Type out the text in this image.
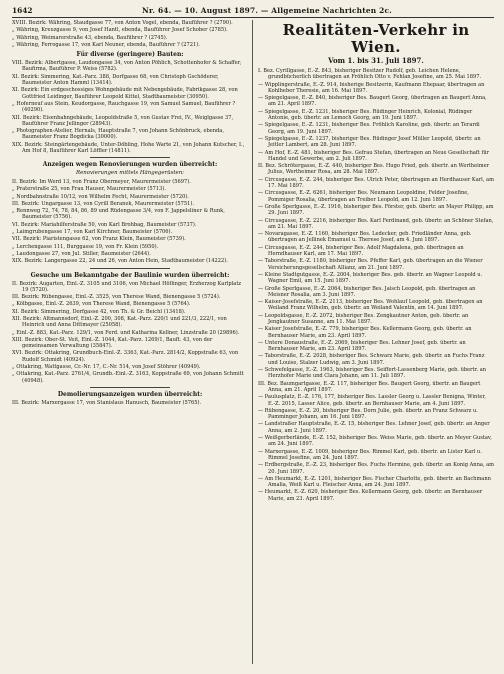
1642	Nr. 64. — 10. August 1897. — Allgemeine Nachrichten 2c.
XVIII. Bezirk: Währing, Staudgasse 77, von Anton Vogel, ebenda, Bauführer ? (2790).
„ Währing, Kreuzgasse 9, von Josef Hantl, ebenda, Bauführer Josef Schober (2785).
„ Währing, Weimarerstraße 43, ebenda, Bauführer ? (2745).
„ Währing, Ferrogasse 17, von Karl Neuner, ebenda, Bauführer ? (2721).
Für diverse (geringere) Bauten:
VIII. Bezirk: Albertgasse, Laudongasse 34, von Anton Pöhlich, Schottenhofer & Schaffer, Baufirma, Bauführer P. Weiss (5782).
XI. Bezirk: Simmering, Kat.-Parz. 388, Dorfgasse 68, von Christoph Gschöderer, Baumeister Anton Hamml (13414).
XI. Bezirk: Ein erdgeschossiges Wohngebäude mit Nebengebäude, Fabrikgasse 28, von Gottfried Leidinger, Bauführer Leopold Kittel, Stadtbaumeister (30950).
„ Hoferneuf aus Stein, Keudorgasse, Rauchgasse 19, von Samuel Samuel, Bauführer ? (40290).
XII. Bezirk: Eisenbahngebäude, Leopoldstraße 5, von Gustav Frei, IV., Weiglgasse 37, Bauführer Franz Jellinger (28943).
„ Photographen-Atelier, Hernals, Hauptstraße 7, von Johann Schönbruck, ebenda, Baumeister Franz Bogdicka (30000).
XIX. Bezirk: Steingärtengebäude, Unter-Döbling, Hohe Warte 21, von Johann Kutscher, I., Am Hof 8, Bauführer Karl Löffler (14811).
Anzeigen wegen Renovierungen wurden überreicht:
Renovierungen mittels Hängegerüsten:
II. Bezirk: Im Werd 13, von Franz Obermeyer, Maurermeister (5697).
„ Praterstraße 25, von Frau Hauser, Maurermeister (5713).
„ Nordbahnstraße 10/12, von Wilhelm Fecht, Maurermeister (5720).
III. Bezirk: Ungargasse 13, von Cyrill Beranek, Maurermeister (5751).
„ Rennweg 72, 74, 78, 84, 86, 89 und Rüdengasse 3/4, von F. Jappelsliner & Runk, Baumeister (5756).
VI. Bezirk: Mariahilferstraße 50, von Karl Brohbag, Baumeister (5737).
„ Laimgrubengasse 17, von Karl Kirchner, Baumeister (5706).
VII. Bezirk: Piaristengasse 62, von Franz Klein, Baumeister (5739).
„ Lerchengasse 111, Burggasse 19, von Fr. Klein (5950).
„ Laudongasse 27, von Jul. Stiller, Baumeister (2644).
XIX. Bezirk: Langergasse 22, 24 und 26, von Anton Hein, Stadtbaumeister (14222).
Gesuche um Bekanntgabe der Baulinie wurden überreicht:
II. Bezirk: Augarten, Einl.-Z. 3105 und 3106, von Michael Höflinger, Erzherzog Karlplatz 19 (5720).
III. Bezirk: Rübengasse, Einl.-Z. 3525, von Therese Wand, Bienengasse 5 (5724).
„ Kölbgasse, Einl.-Z. 2639, von Therese Wand, Bienengasse 5 (5764).
XI. Bezirk: Simmering, Dorfgasse 42, von Th. & Gr. Beichl (13418).
XII. Bezirk: Altmannsdorf, Einl.-Z. 200, 308, Kat.-Parz. 220/1 und 221/3, 222/1, von Heinrich und Anna Dittmayer (25058).
„ Einl.-Z. 883, Kat.-Parz. 129/1, von Ferd. und Katharina Kellner, Linzstraße 20 (29896).
XIII. Bezirk: Ober-St. Veit, Einl.-Z. 1044, Kat.-Parz. 1269/1, Bauft. 43, von der gemeinsamen Verwaltung (35847).
XVI. Bezirk: Ottakring, Grundbuch-Einl.-Z. 3363, Kat.-Parz. 2814/2, Koppstraße 63, von Rudolf Schmidt (40924).
„ Ottakring, Wattgasse, Cr.-Nr. 17, C.-Nr. 514, von Josef Stöhrer (40949).
„ Ottakring, Kat.-Parz. 2761/4, Grundb.-Einl.-Z. 3163, Koppstraße 69, von Johann Schmitt (40948).
Demolierungsanzeigen wurden überreicht:
III. Bezirk: Marxergasse 17, von Stanislaus Hanusch, Baumeister (5765).
Realitäten-Verkehr in Wien.
Vom 1. bis 31. Juli 1897.
I. Bez. Cyrillgasse, E.-Z. 843, bisheriger Besitzer Rudolf, geb. Leichen Helene, grundbücherlich übertragen an Fröhlich Otto v. Fehlan Josefine, am 25. Mai 1897.
— Wipplingerstraße, E.-Z. 914, bisherige Besitzerin, Kaufmann Ehepaar, übertragen an Kohlheber Theresie, am 16. Mai 1897.
— Spiegelgasse, E.-Z. 840, bisheriger Bes. Baugert Georg, übertragen an Baugert Anna, am 21. April 1897.
— Spiegelgasse, E.-Z. 1231, bisheriger Bes. Rüdinger Heinrich, Kolonial, Rüdinger Antonie, geb. übertr. an Lemoch Georg, am 19. Juni 1897.
— Spiegelgasse, E.-Z. 1231, bisheriger Bes. Fröhlich Karoline, geb. übertr. an Terardi Georg, am 19. Juni 1897.
— Spiegelgasse, E.-Z. 1237, bisheriger Bes. Rüdinger Josef Müller Leopold, übertr. an Jeitler Lambert, am 28. Juni 1897.
— Am Hof, E.-Z. 481, bisheriger Bes. Gefrau Stefan, übertragen an Neue Gesellschaft für Handel und Gewerbe, am 2. Juli 1897.
II. Bez. Schrötergasse, E.-Z. 440, bisheriger Bes. Hugo Fried, geb. übertr. an Wertheimer Julius, Wertheimer Rosa, am 28. Mai 1897.
— Circusgasse, E.-Z. 244, bisheriger Bes. Ulrich Peter, übertragen an Herdhauser Karl, am 17. Mai 1897.
— Circusgasse, E.-Z. 6261, bisheriger Bes. Neumann Leopoldine, Felder Josefine, Pommiger Rosalia, übertragen an Treiber Leopold, am 12. Juni 1897.
— Große Sperlgasse, E.-Z. 1916, bisheriger Bes. Förster, geb. übertr. an Mayer Philipp, am 29. Juni 1897.
— Circusgasse, E.-Z. 2216, bisheriger Bes. Karl Ferdinand, geb. übertr. an Schöner Stefan, am 21. Mai 1897.
— Novaragasse, E.-Z. 1160, bisheriger Bes. Ledecker, geb. Friedländer Anna, geb. übertragen an Jellinek Emanuel u. Therese Josef, am 4. Juni 1897.
— Circusgasse, E.-Z. 244, bisheriger Bes. Adolf Magdalena, geb. übertragen an Herndhauser Karl, am 17. Mai 1897.
— Taborstraße, E.-Z. 1180, bisheriger Bes. Pfeffer Karl, geb. übertragen an die Wiener Versicherungsgesellschaft Allianz, am 21. Juni 1897.
— Kleine Stadtgutgasse, E.-Z. 2004, bisheriger Bes. geb. übertr. an Wagner Leopold u. Wagner Emil, am 15. Juni 1897.
— Große Sperlgasse, E.-Z. 2064, bisheriger Bes. Jaisch Leopold, geb. übertragen an Meisner Rosalia, am 3. Juni 1897.
— Kaiser-Josefstraße, E.-Z. 2113, bisheriger Bes. Wohlauf Leopold, geb. übertragen an Weiland Franz Wilhelm, geb. übertr. an Weiland Valentin, am 14. Juni 1897.
— Leopoldsgasse, E.-Z. 2072, bisheriger Bes. Zengkautner Anton, geb. übertr. an Jengkautner Susanne, am 11. Mai 1897.
— Kaiser Josefstraße, E.-Z. 779, bisheriger Bes. Kellermann Georg, geb. übertr. an Bernhauser Marie, am 23. April 1897.
— Untere Donaustraße, E.-Z. 2069, bisheriger Bes. Lehner Josef, geb. übertr. an Bernhauser Marie, am 23. April 1897.
— Taborstraße, E.-Z. 2028, bisheriger Bes. Schwarz Marie, geb. übertr. an Fuchs Franz und Louise, Stalzer Ludwig, am 3. Juni 1897.
— Schwefelgasse, E.-Z. 1963, bisheriger Bes. Seiffert-Lassenberg Marie, geb. übertr. an Herzhofer Marie und Clara Johann, am 11. Juli 1897.
III. Bez. Baumgartgasse, E.-Z. 117, bisheriger Bes. Baugert Georg, übertr. an Baugert Anna, am 21. April 1897.
— Paulusplatz, E.-Z. 176, 177, bisheriger Bes. Lassler Georg u. Lassler Benigna, Winter, E.-Z. 2015, Lasser Alice, geb. übertr. an Bernhauser Marie, am 4. Juni 1897.
— Rübengasse, E.-Z. 20, bisheriger Bes. Dorn Julie, geb. übertr. an Franz Schwarz u. Pamminger Johann, am 16. Juni 1897.
— Landstraßer Hauptstraße, E.-Z. 15, bisheriger Bes. Lehner Josef, geb. übertr. an Anger Anna, am 2. Juni 1897.
— Weißgerberlände, E.-Z. 152, bisheriger Bes. Weiss Marie, geb. übertr. an Meyer Gustav, am 24. Juni 1897.
— Marxergasse, E.-Z. 1009, bisheriger Bes. Rimmel Karl, geb. übertr. an Lister Karl u. Rimmel Josefine, am 24. Juni 1897.
— Erdbergstraße, E.-Z. 23, bisheriger Bes. Fuchs Hermine, geb. übertr. an Konig Anna, am 20. Juni 1897.
— Am Heumarkt, E.-Z. 1201, bisheriger Bes. Fischer Charlotte, geb. übertr. an Bachmann Amalia, Weiß Karl u. Fleischer Anna, am 24. Juni 1897.
— Heumarkt, E.-Z. 620, bisheriger Bes. Kellermann Georg, geb. übertr. an Bernhauser Marie, am 23. April 1897.
